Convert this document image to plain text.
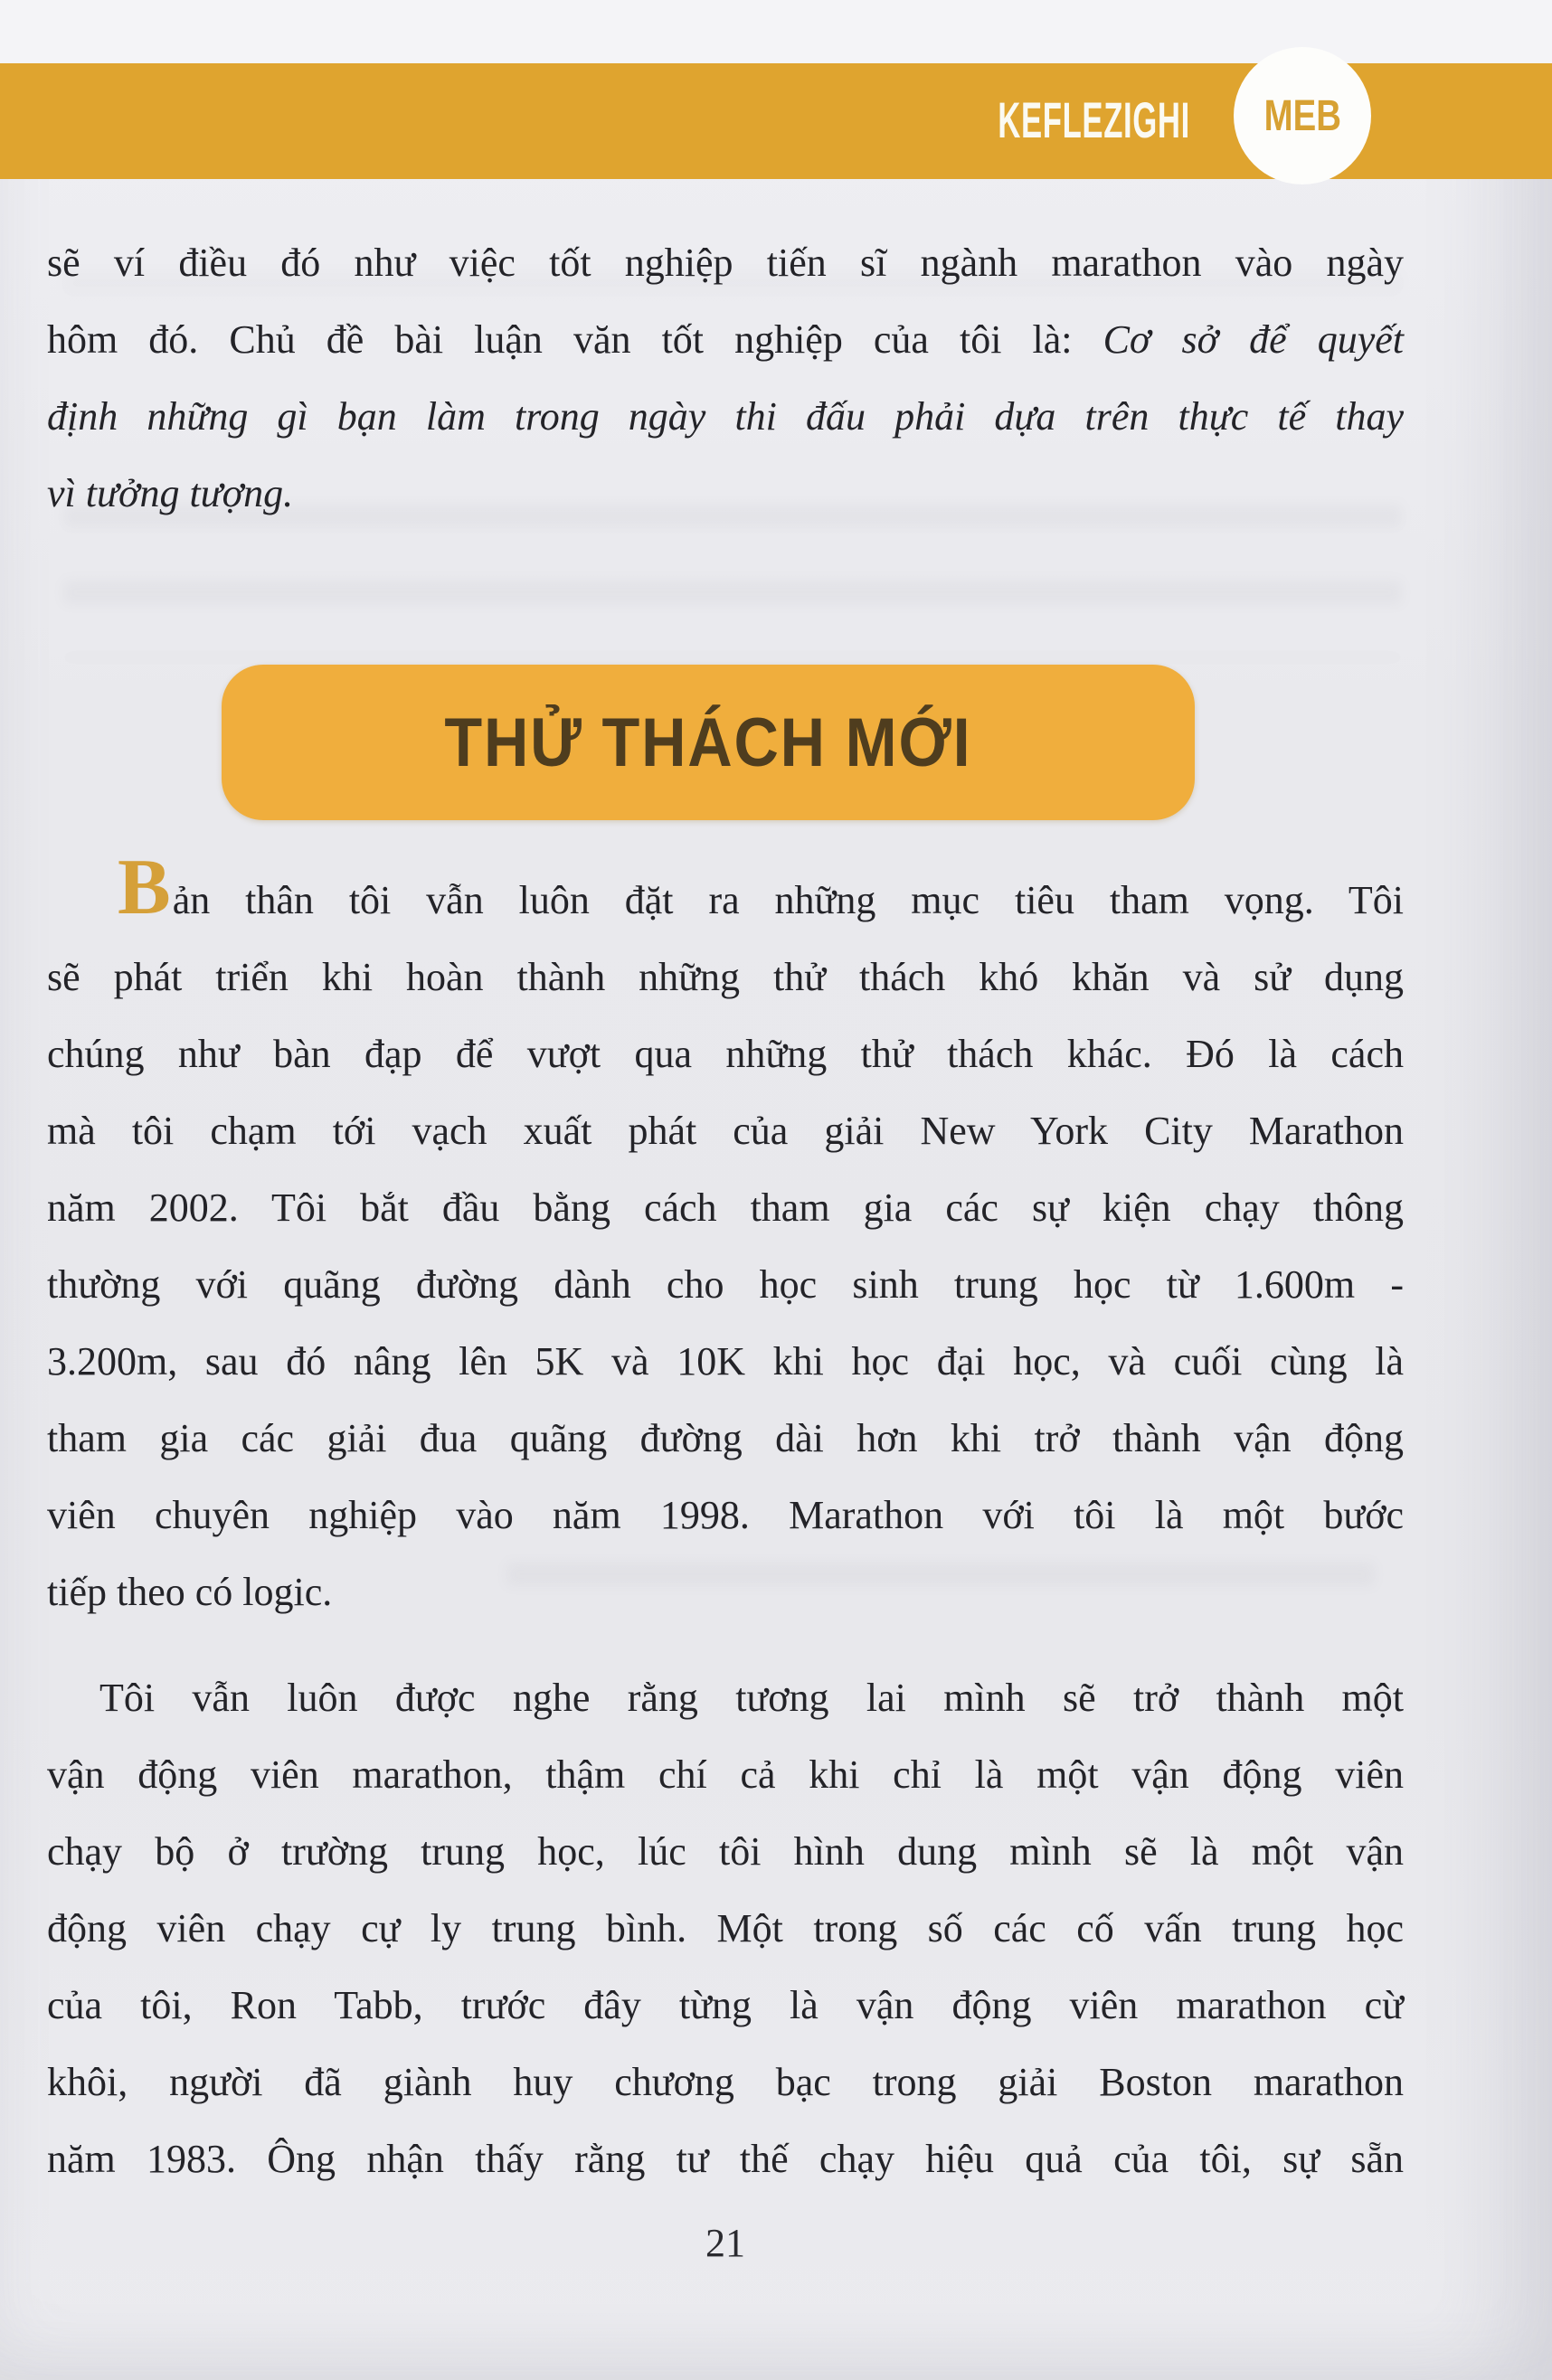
KEFLEZIGHI MEB
sẽ ví điều đó như việc tốt nghiệp tiến sĩ ngành marathon vào ngày
hôm đó. Chủ đề bài luận văn tốt nghiệp của tôi là: Cơ sở để quyết
định những gì bạn làm trong ngày thi đấu phải dựa trên thực tế thay
vì tưởng tượng.
THỬ THÁCH MỚI
Bản thân tôi vẫn luôn đặt ra những mục tiêu tham vọng. Tôi
sẽ phát triển khi hoàn thành những thử thách khó khăn và sử dụng
chúng như bàn đạp để vượt qua những thử thách khác. Đó là cách
mà tôi chạm tới vạch xuất phát của giải New York City Marathon
năm 2002. Tôi bắt đầu bằng cách tham gia các sự kiện chạy thông
thường với quãng đường dành cho học sinh trung học từ 1.600m -
3.200m, sau đó nâng lên 5K và 10K khi học đại học, và cuối cùng là
tham gia các giải đua quãng đường dài hơn khi trở thành vận động
viên chuyên nghiệp vào năm 1998. Marathon với tôi là một bước
tiếp theo có logic.
Tôi vẫn luôn được nghe rằng tương lai mình sẽ trở thành một
vận động viên marathon, thậm chí cả khi chỉ là một vận động viên
chạy bộ ở trường trung học, lúc tôi hình dung mình sẽ là một vận
động viên chạy cự ly trung bình. Một trong số các cố vấn trung học
của tôi, Ron Tabb, trước đây từng là vận động viên marathon cừ
khôi, người đã giành huy chương bạc trong giải Boston marathon
năm 1983. Ông nhận thấy rằng tư thế chạy hiệu quả của tôi, sự sẵn
21
